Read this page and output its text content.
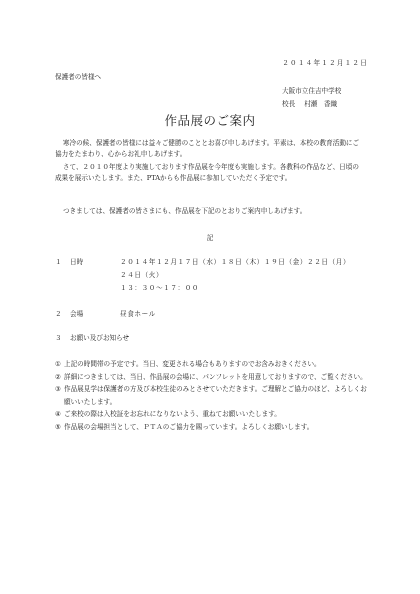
２０１４年１２月１２日
保護者の皆様へ
大阪市立住吉中学校
校長 村瀬　香織
作品展のご案内

寒冷の候、保護者の皆様には益々ご健勝のこととお喜び申しあげます。平素は、本校の教育活動にご協力をたまわり、心からお礼申しあげます。

さて、２０１０年度より実施しております作品展を今年度も実施します。各教科の作品など、日頃の成果を展示いたします。また、PTAからも作品展に参加していただく予定です。

つきましては、保護者の皆さまにも、作品展を下記のとおりご案内申しあげます。

記
１ 日時	２０１４年１２月１７日（水）１８日（木）１９日（金）２２日（月）
２４日（火）
１３：３０～１７：００
２ 会場	昼食ホール
３ お願い及びお知らせ
① 上記の時間帯の予定です。当日、変更される場合もありますのでお含みおきください。
② 詳細につきましては、当日、作品展の会場に、パンフレットを用意しておりますので、ご覧ください。
③ 作品展見学は保護者の方及び本校生徒のみとさせていただきます。ご理解とご協力のほど、よろしくお願いいたします。
④ ご来校の際は入校証をお忘れになりないよう、重ねてお願いいたします。
⑤ 作品展の会場担当として、ＰＴＡのご協力を賜っています。よろしくお願いします。
